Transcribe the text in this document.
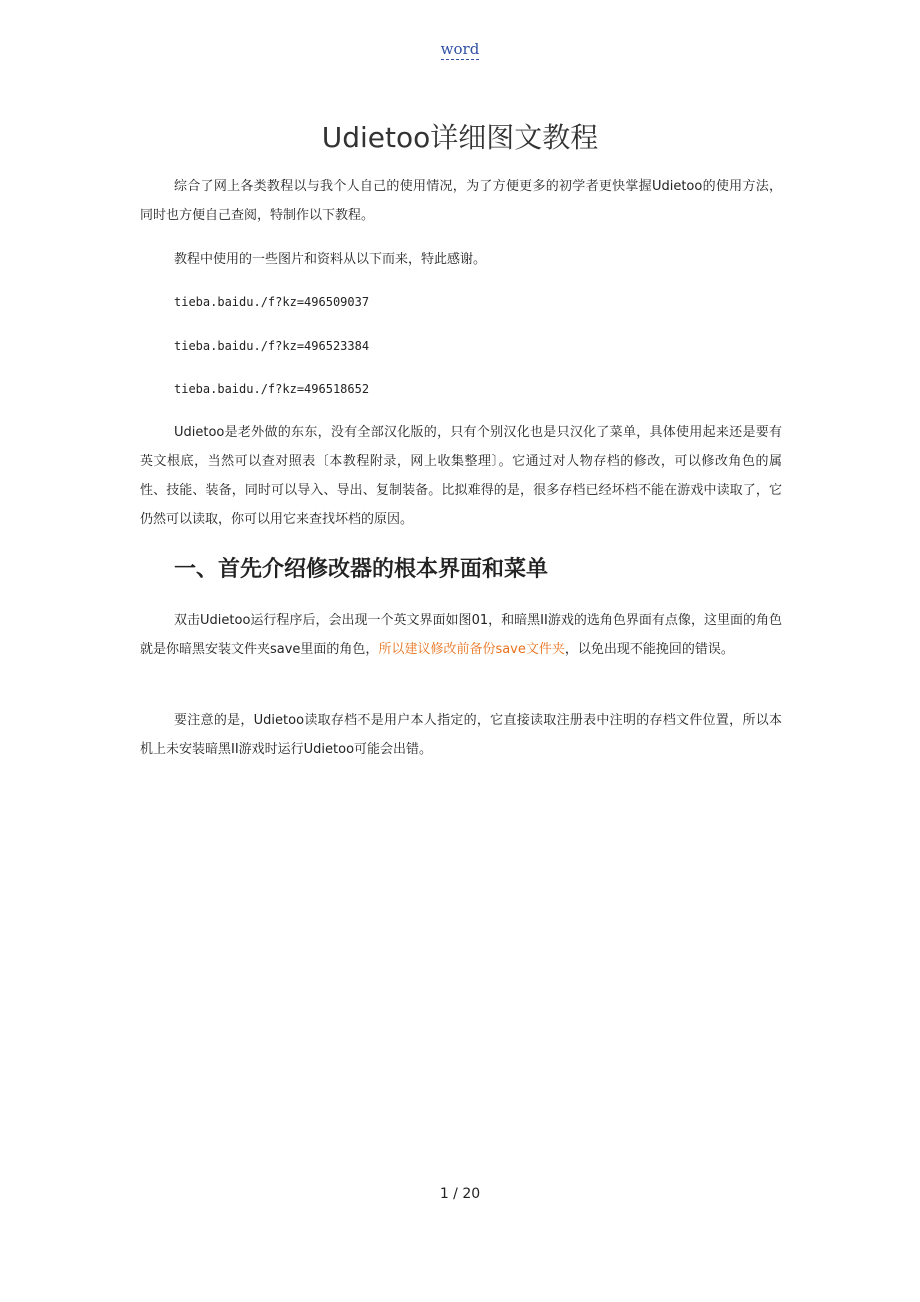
word
Udietoo详细图文教程

综合了网上各类教程以与我个人自己的使用情况，为了方便更多的初学者更快掌握Udietoo的使用方法，同时也方便自己查阅，特制作以下教程。

教程中使用的一些图片和资料从以下而来，特此感谢。

tieba.baidu./f?kz=496509037

tieba.baidu./f?kz=496523384

tieba.baidu./f?kz=496518652

Udietoo是老外做的东东，没有全部汉化版的，只有个别汉化也是只汉化了菜单，具体使用起来还是要有英文根底，当然可以查对照表〔本教程附录，网上收集整理〕。它通过对人物存档的修改，可以修改角色的属性、技能、装备，同时可以导入、导出、复制装备。比拟难得的是，很多存档已经坏档不能在游戏中读取了，它仍然可以读取，你可以用它来查找坏档的原因。

一、首先介绍修改器的根本界面和菜单

双击Udietoo运行程序后，会出现一个英文界面如图01，和暗黑II游戏的选角色界面有点像，这里面的角色就是你暗黑安装文件夹save里面的角色，所以建议修改前备份save文件夹，以免出现不能挽回的错误。

要注意的是，Udietoo读取存档不是用户本人指定的，它直接读取注册表中注明的存档文件位置，所以本机上未安装暗黑II游戏时运行Udietoo可能会出错。

1 / 20
